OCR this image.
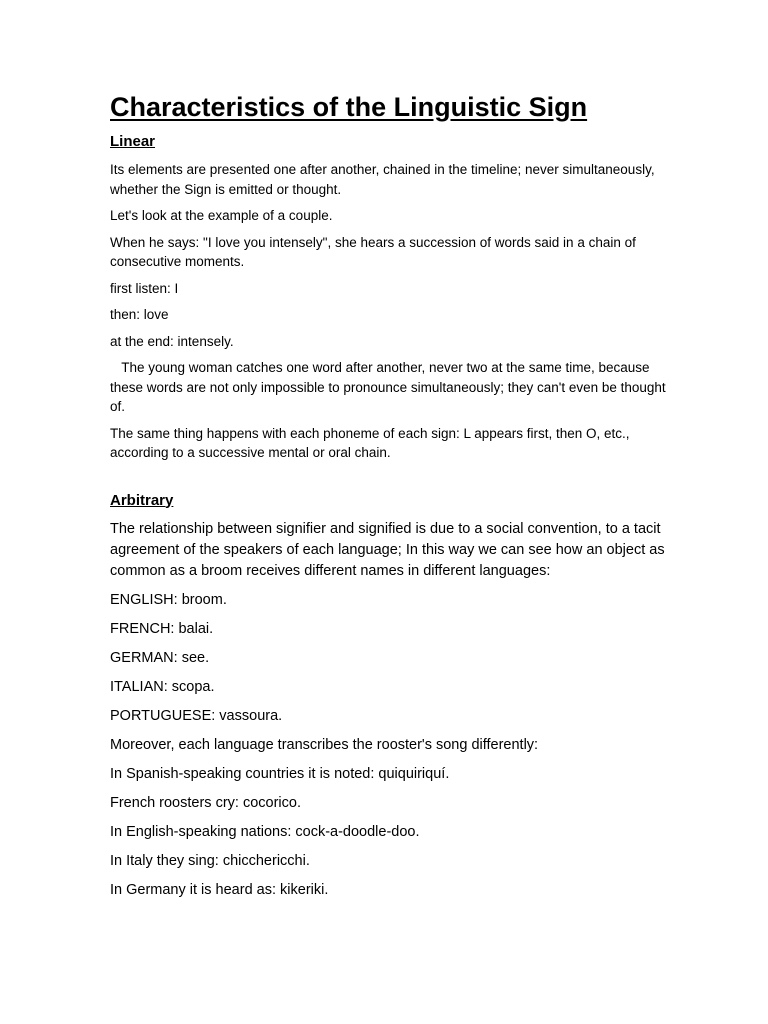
Characteristics of the Linguistic Sign
Linear

Its elements are presented one after another, chained in the timeline; never simultaneously, whether the Sign is emitted or thought.

Let's look at the example of a couple.

When he says: "I love you intensely", she hears a succession of words said in a chain of consecutive moments.

first listen: I

then: love

at the end: intensely.

The young woman catches one word after another, never two at the same time, because these words are not only impossible to pronounce simultaneously; they can't even be thought of.

The same thing happens with each phoneme of each sign: L appears first, then O, etc., according to a successive mental or oral chain.

Arbitrary

The relationship between signifier and signified is due to a social convention, to a tacit agreement of the speakers of each language; In this way we can see how an object as common as a broom receives different names in different languages:

ENGLISH: broom.

FRENCH: balai.

GERMAN: see.

ITALIAN: scopa.

PORTUGUESE: vassoura.

Moreover, each language transcribes the rooster's song differently:

In Spanish-speaking countries it is noted: quiquiriquí.

French roosters cry: cocorico.

In English-speaking nations: cock-a-doodle-doo.

In Italy they sing: chicchericchi.

In Germany it is heard as: kikeriki.
